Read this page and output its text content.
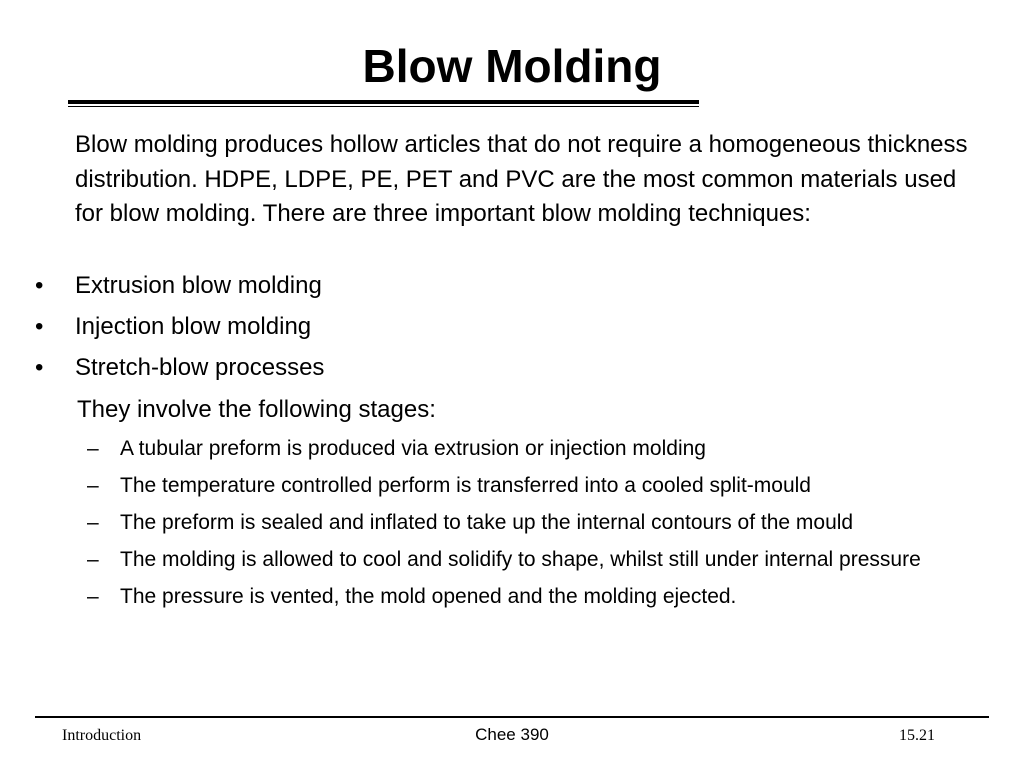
Blow Molding

Blow molding produces hollow articles that do not require a homogeneous thickness distribution. HDPE, LDPE, PE, PET and PVC are the most common materials used for blow molding. There are three important blow molding techniques:

• Extrusion blow molding
• Injection blow molding
• Stretch-blow processes

They involve the following stages:

– A tubular preform is produced via extrusion or injection molding
– The temperature controlled perform is transferred into a cooled split-mould
– The preform is sealed and inflated to take up the internal contours of the mould
– The molding is allowed to cool and solidify to shape, whilst still under internal pressure
– The pressure is vented, the mold opened and the molding ejected.
Introduction	Chee 390	15.21
